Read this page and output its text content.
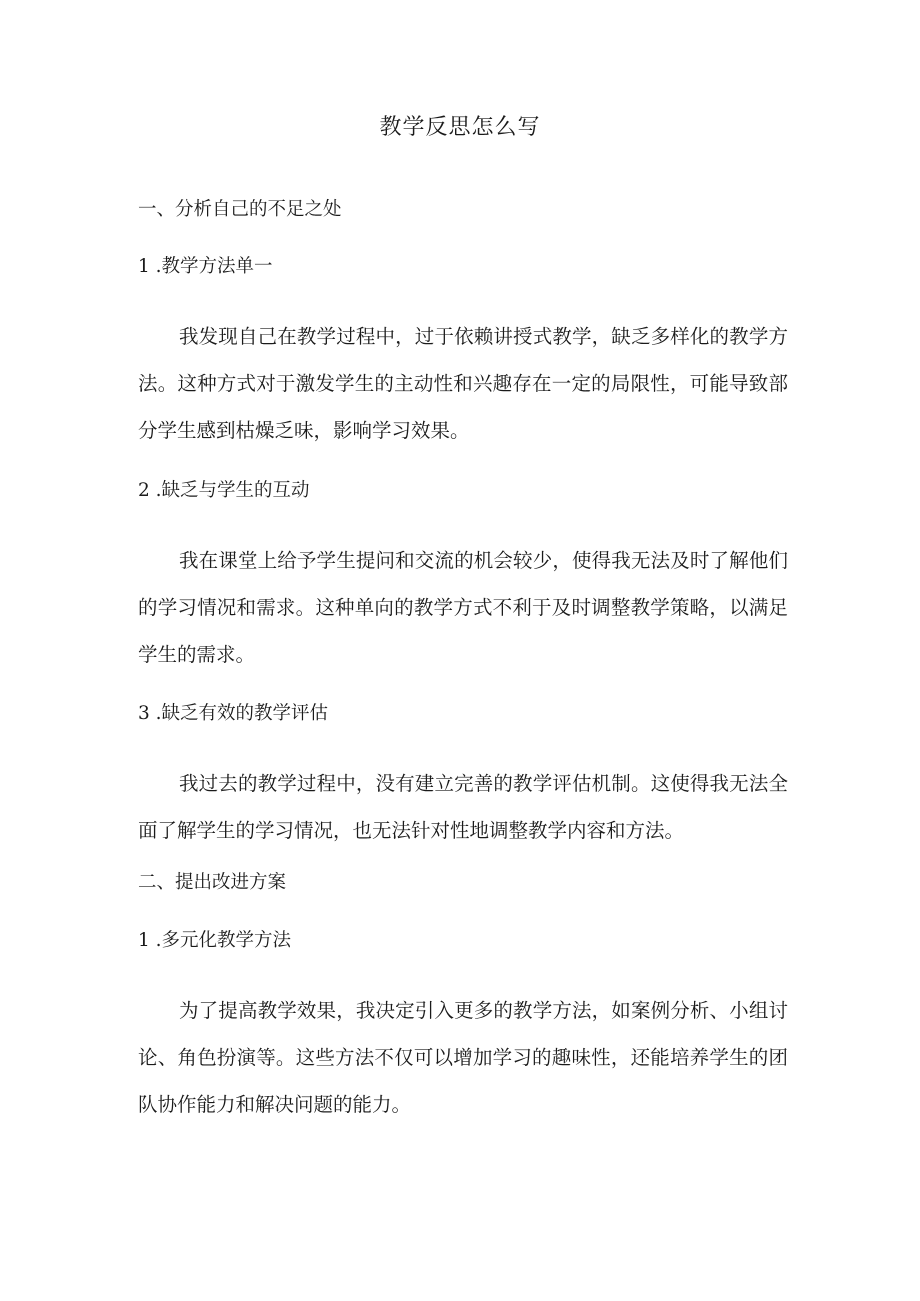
教学反思怎么写
一、分析自己的不足之处
1 .教学方法单一
我发现自己在教学过程中，过于依赖讲授式教学，缺乏多样化的教学方法。这种方式对于激发学生的主动性和兴趣存在一定的局限性，可能导致部分学生感到枯燥乏味，影响学习效果。
2 .缺乏与学生的互动
我在课堂上给予学生提问和交流的机会较少，使得我无法及时了解他们的学习情况和需求。这种单向的教学方式不利于及时调整教学策略，以满足学生的需求。
3 .缺乏有效的教学评估
我过去的教学过程中，没有建立完善的教学评估机制。这使得我无法全面了解学生的学习情况，也无法针对性地调整教学内容和方法。
二、提出改进方案
1 .多元化教学方法
为了提高教学效果，我决定引入更多的教学方法，如案例分析、小组讨论、角色扮演等。这些方法不仅可以增加学习的趣味性，还能培养学生的团队协作能力和解决问题的能力。
